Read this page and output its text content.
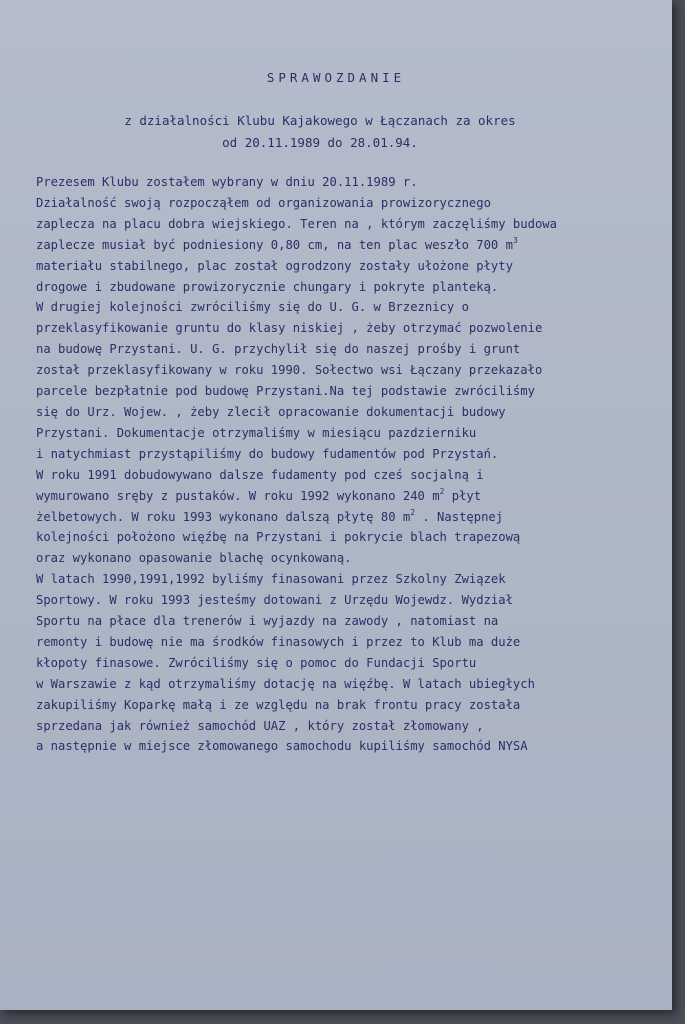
SPRAWOZDANIE
z działalności Klubu Kajakowego w Łączanach za okres
od 20.11.1989 do 28.01.94.
Prezesem Klubu zostałem wybrany w dniu 20.11.1989 r.
Działalność swoją rozpocząłem od organizowania prowizorycznego
zaplecza na placu dobra wiejskiego. Teren na , którym zaczęliśmy budowa
zaplecze musiał być podniesiony 0,80 cm, na ten plac weszło 700 $m^3$
materiału stabilnego, plac został ogrodzony zostały ułożone płyty
drogowe i zbudowane prowizorycznie chungary i pokryte planteką.
W drugiej kolejności zwróciliśmy się do U. G. w Brzeznicy o
przeklasyfikowanie gruntu do klasy niskiej , żeby otrzymać pozwolenie
na budowę Przystani. U. G. przychylił się do naszej prośby i grunt
został przeklasyfikowany w roku 1990. Sołectwo wsi Łączany przekazało
parcele bezpłatnie pod budowę Przystani.Na tej podstawie zwróciliśmy
się do Urz. Wojew. , żeby zlecił opracowanie dokumentacji budowy
Przystani. Dokumentacje otrzymaliśmy w miesiącu pazdzierniku
i natychmiast przystąpiliśmy do budowy fudamentów pod Przystań.
W roku 1991 dobudowywano dalsze fudamenty pod cześ socjalną i
wymurowano sręby z pustaków. W roku 1992 wykonano 240 $m^2$ płyt
żelbetowych. W roku 1993 wykonano dalszą płytę 80 $m^2$ . Następnej
kolejności położono więźbę na Przystani i pokrycie blach trapezową
oraz wykonano opasowanie blachę ocynkowaną.
W latach 1990,1991,1992 byliśmy finasowani przez Szkolny Związek
Sportowy. W roku 1993 jesteśmy dotowani z Urzędu Wojewdz. Wydział
Sportu na płace dla trenerów i wyjazdy na zawody , natomiast na
remonty i budowę nie ma środków finasowych i przez to Klub ma duże
kłopoty finasowe. Zwróciliśmy się o pomoc do Fundacji Sportu
w Warszawie z kąd otrzymaliśmy dotację na więźbę. W latach ubiegłych
zakupiliśmy Koparkę małą i ze względu na brak frontu pracy została
sprzedana jak również samochód UAZ , który został złomowany ,
a następnie w miejsce złomowanego samochodu kupiliśmy samochód NYSA
